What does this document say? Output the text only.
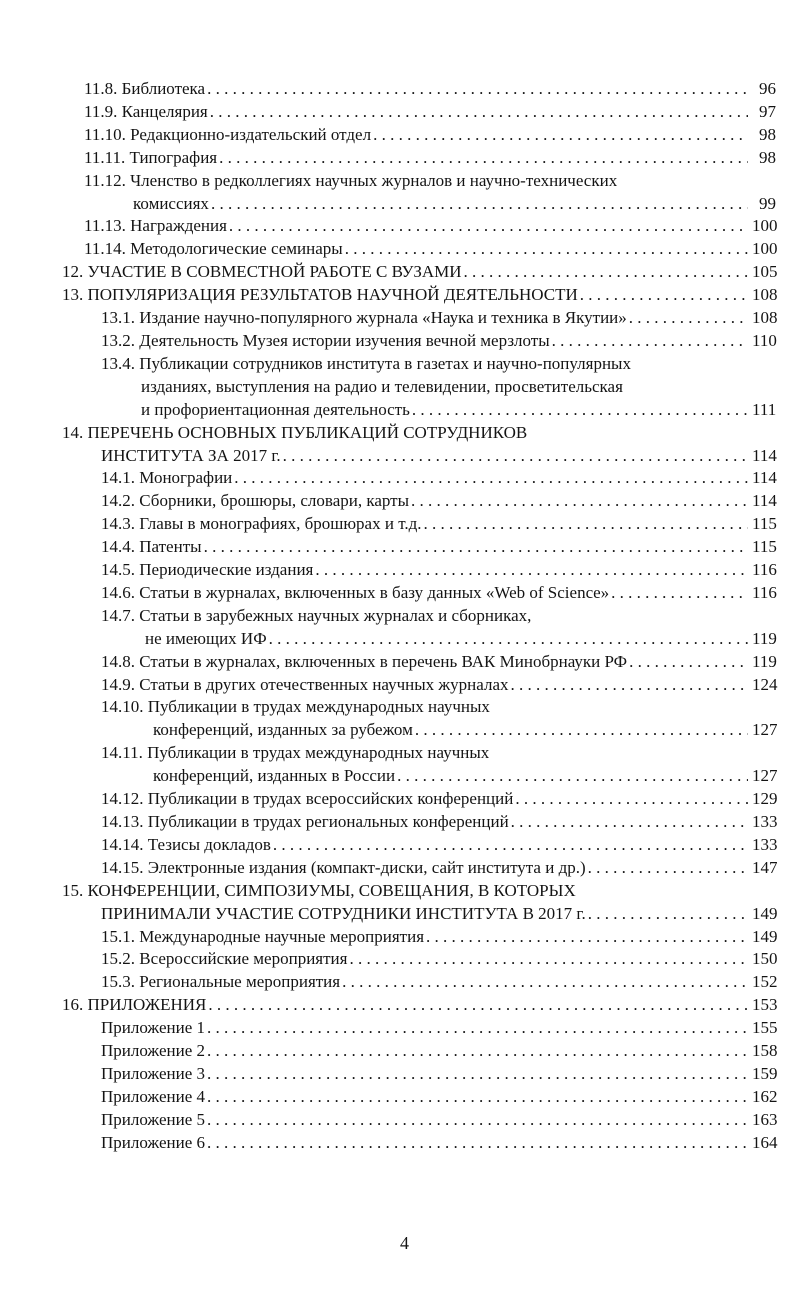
11.8. Библиотека . . .	96
11.9. Канцелярия . . .	97
11.10. Редакционно-издательский отдел . . .	98
11.11. Типография . . .	98
11.12. Членство в редколлегиях научных журналов и научно-технических
комиссиях . . .	99
11.13. Награждения . . .	100
11.14. Методологические семинары . . .	100
12. УЧАСТИЕ В СОВМЕСТНОЙ РАБОТЕ С ВУЗАМИ . . .	105
13. ПОПУЛЯРИЗАЦИЯ РЕЗУЛЬТАТОВ НАУЧНОЙ ДЕЯТЕЛЬНОСТИ . . .	108
13.1. Издание научно-популярного журнала «Наука и техника в Якутии» . . .	108
13.2. Деятельность Музея истории изучения вечной мерзлоты . . .	110
13.4. Публикации сотрудников института в газетах и научно-популярных
изданиях, выступления на радио и телевидении, просветительская
и профориентационная деятельность . . .	111
14. ПЕРЕЧЕНЬ ОСНОВНЫХ ПУБЛИКАЦИЙ СОТРУДНИКОВ
ИНСТИТУТА ЗА 2017 г. . . .	114
14.1. Монографии . . .	114
14.2. Сборники, брошюры, словари, карты . . .	114
14.3. Главы в монографиях, брошюрах и т.д. . . .	115
14.4. Патенты . . .	115
14.5. Периодические издания . . .	116
14.6. Статьи в журналах, включенных в базу данных «Web of Science» . . .	116
14.7. Статьи в зарубежных научных журналах и сборниках,
не имеющих ИФ . . .	119
14.8. Статьи в журналах, включенных в перечень ВАК Минобрнауки РФ . . .	119
14.9. Статьи в других отечественных научных журналах . . .	124
14.10. Публикации в трудах международных научных
конференций, изданных за рубежом . . .	127
14.11. Публикации в трудах международных научных
конференций, изданных в России . . .	127
14.12. Публикации в трудах всероссийских конференций . . .	129
14.13. Публикации в трудах региональных конференций . . .	133
14.14. Тезисы докладов . . .	133
14.15. Электронные издания (компакт-диски, сайт института и др.) . . .	147
15. КОНФЕРЕНЦИИ, СИМПОЗИУМЫ, СОВЕЩАНИЯ, В КОТОРЫХ
ПРИНИМАЛИ УЧАСТИЕ СОТРУДНИКИ ИНСТИТУТА В 2017 г. . . .	149
15.1. Международные научные мероприятия . . .	149
15.2. Всероссийские мероприятия . . .	150
15.3. Региональные мероприятия . . .	152
16. ПРИЛОЖЕНИЯ . . .	153
Приложение 1 . . .	155
Приложение 2 . . .	158
Приложение 3 . . .	159
Приложение 4 . . .	162
Приложение 5 . . .	163
Приложение 6 . . .	164
4
